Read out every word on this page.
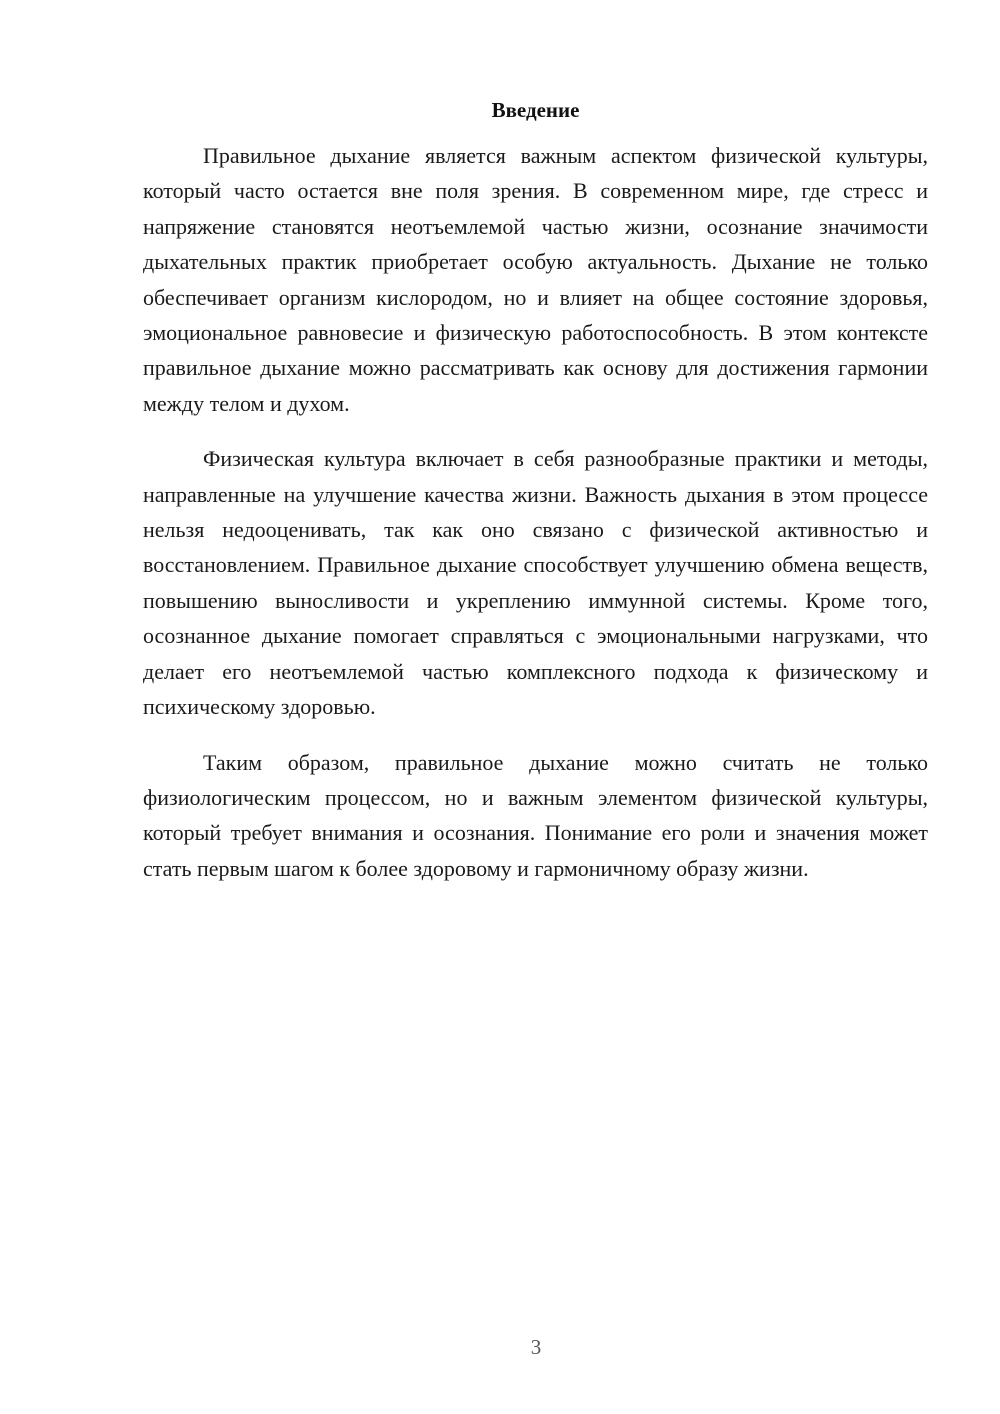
Введение

Правильное дыхание является важным аспектом физической культуры, который часто остается вне поля зрения. В современном мире, где стресс и напряжение становятся неотъемлемой частью жизни, осознание значимости дыхательных практик приобретает особую актуальность. Дыхание не только обеспечивает организм кислородом, но и влияет на общее состояние здоровья, эмоциональное равновесие и физическую работоспособность. В этом контексте правильное дыхание можно рассматривать как основу для достижения гармонии между телом и духом.

Физическая культура включает в себя разнообразные практики и методы, направленные на улучшение качества жизни. Важность дыхания в этом процессе нельзя недооценивать, так как оно связано с физической активностью и восстановлением. Правильное дыхание способствует улучшению обмена веществ, повышению выносливости и укреплению иммунной системы. Кроме того, осознанное дыхание помогает справляться с эмоциональными нагрузками, что делает его неотъемлемой частью комплексного подхода к физическому и психическому здоровью.

Таким образом, правильное дыхание можно считать не только физиологическим процессом, но и важным элементом физической культуры, который требует внимания и осознания. Понимание его роли и значения может стать первым шагом к более здоровому и гармоничному образу жизни.

3
